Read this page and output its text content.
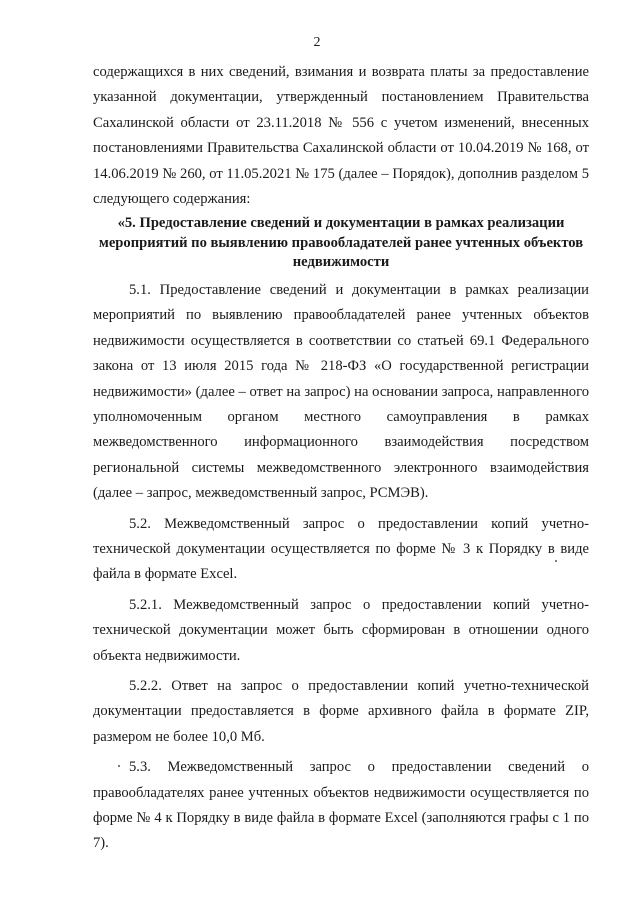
2

содержащихся в них сведений, взимания и возврата платы за предоставление указанной документации, утвержденный постановлением Правительства Сахалинской области от 23.11.2018 № 556 с учетом изменений, внесенных постановлениями Правительства Сахалинской области от 10.04.2019 № 168, от 14.06.2019 № 260, от 11.05.2021 № 175 (далее – Порядок), дополнив разделом 5 следующего содержания:

«5. Предоставление сведений и документации в рамках реализации
мероприятий по выявлению правообладателей ранее учтенных объектов
недвижимости

5.1. Предоставление сведений и документации в рамках реализации мероприятий по выявлению правообладателей ранее учтенных объектов недвижимости осуществляется в соответствии со статьей 69.1 Федерального закона от 13 июля 2015 года № 218-ФЗ «О государственной регистрации недвижимости» (далее – ответ на запрос) на основании запроса, направленного уполномоченным органом местного самоуправления в рамках межведомственного информационного взаимодействия посредством региональной системы межведомственного электронного взаимодействия (далее – запрос, межведомственный запрос, РСМЭВ).

5.2. Межведомственный запрос о предоставлении копий учетно-технической документации осуществляется по форме № 3 к Порядку в виде файла в формате Excel.

5.2.1. Межведомственный запрос о предоставлении копий учетно-технической документации может быть сформирован в отношении одного объекта недвижимости.

5.2.2. Ответ на запрос о предоставлении копий учетно-технической документации предоставляется в форме архивного файла в формате ZIP, размером не более 10,0 Мб.

5.3. Межведомственный запрос о предоставлении сведений о правообладателях ранее учтенных объектов недвижимости осуществляется по форме № 4 к Порядку в виде файла в формате Excel (заполняются графы с 1 по 7).
